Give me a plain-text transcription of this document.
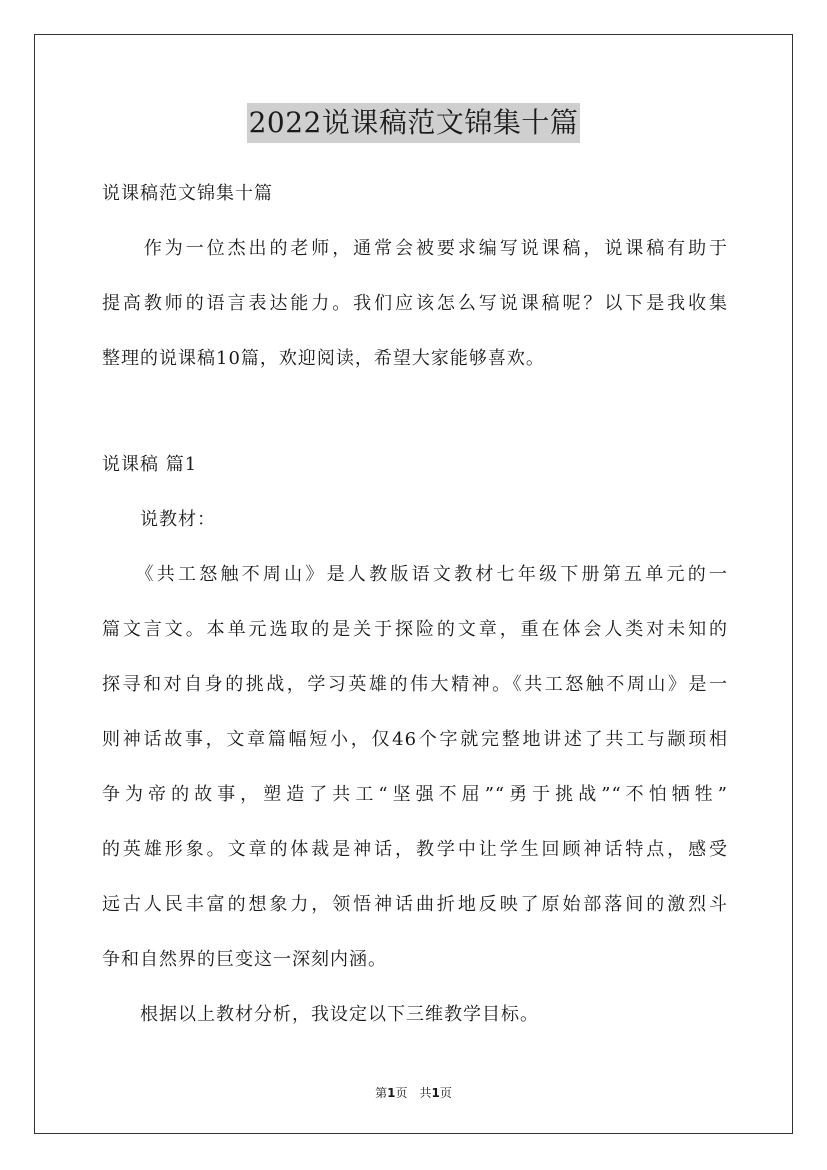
2022说课稿范文锦集十篇
说课稿范文锦集十篇
　　作为一位杰出的老师，通常会被要求编写说课稿，说课稿有助于
提高教师的语言表达能力。我们应该怎么写说课稿呢？以下是我收集
整理的说课稿10篇，欢迎阅读，希望大家能够喜欢。
说课稿 篇1
　　说教材：
　　《共工怒触不周山》是人教版语文教材七年级下册第五单元的一
篇文言文。本单元选取的是关于探险的文章，重在体会人类对未知的
探寻和对自身的挑战，学习英雄的伟大精神。《共工怒触不周山》是一
则神话故事，文章篇幅短小，仅46个字就完整地讲述了共工与颛顼相
争为帝的故事，塑造了共工“坚强不屈”“勇于挑战”“不怕牺牲”
的英雄形象。文章的体裁是神话，教学中让学生回顾神话特点，感受
远古人民丰富的想象力，领悟神话曲折地反映了原始部落间的激烈斗
争和自然界的巨变这一深刻内涵。
　　根据以上教材分析，我设定以下三维教学目标。
第1页　共1页
